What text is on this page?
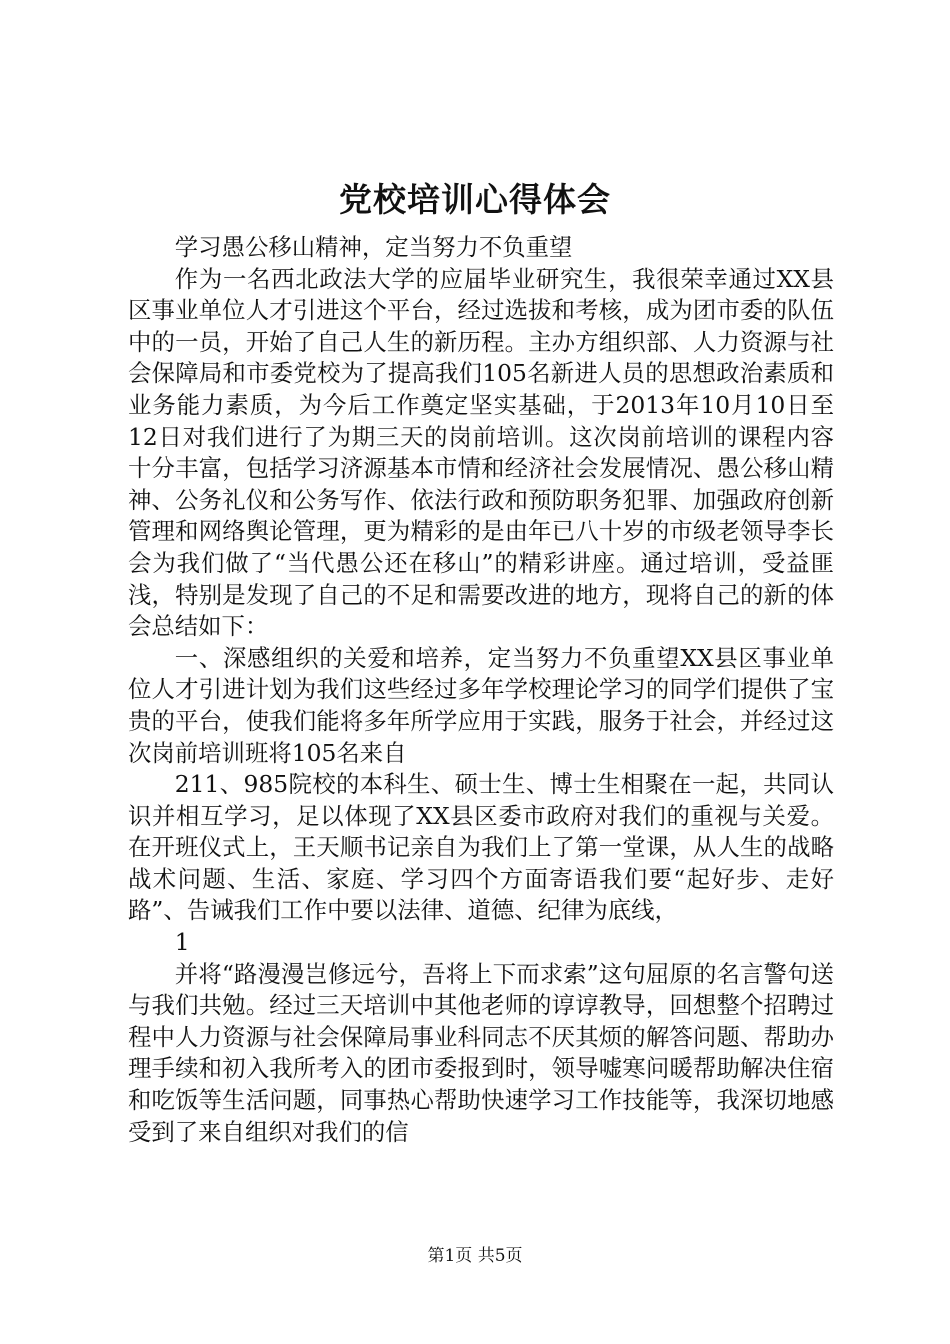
党校培训心得体会

学习愚公移山精神，定当努力不负重望

作为一名西北政法大学的应届毕业研究生，我很荣幸通过XX县区事业单位人才引进这个平台，经过选拔和考核，成为团市委的队伍中的一员，开始了自己人生的新历程。主办方组织部、人力资源与社会保障局和市委党校为了提高我们105名新进人员的思想政治素质和业务能力素质，为今后工作奠定坚实基础，于2013年10月10日至12日对我们进行了为期三天的岗前培训。这次岗前培训的课程内容十分丰富，包括学习济源基本市情和经济社会发展情况、愚公移山精神、公务礼仪和公务写作、依法行政和预防职务犯罪、加强政府创新管理和网络舆论管理，更为精彩的是由年已八十岁的市级老领导李长会为我们做了“当代愚公还在移山”的精彩讲座。通过培训，受益匪浅，特别是发现了自己的不足和需要改进的地方，现将自己的新的体会总结如下：

一、深感组织的关爱和培养，定当努力不负重望XX县区事业单位人才引进计划为我们这些经过多年学校理论学习的同学们提供了宝贵的平台，使我们能将多年所学应用于实践，服务于社会，并经过这次岗前培训班将105名来自

211、985院校的本科生、硕士生、博士生相聚在一起，共同认识并相互学习，足以体现了XX县区委市政府对我们的重视与关爱。在开班仪式上，王天顺书记亲自为我们上了第一堂课，从人生的战略战术问题、生活、家庭、学习四个方面寄语我们要“起好步、走好路”、告诫我们工作中要以法律、道德、纪律为底线，

1

并将“路漫漫岂修远兮，吾将上下而求索”这句屈原的名言警句送与我们共勉。经过三天培训中其他老师的谆谆教导，回想整个招聘过程中人力资源与社会保障局事业科同志不厌其烦的解答问题、帮助办理手续和初入我所考入的团市委报到时，领导嘘寒问暖帮助解决住宿和吃饭等生活问题，同事热心帮助快速学习工作技能等，我深切地感受到了来自组织对我们的信

第1页 共5页
